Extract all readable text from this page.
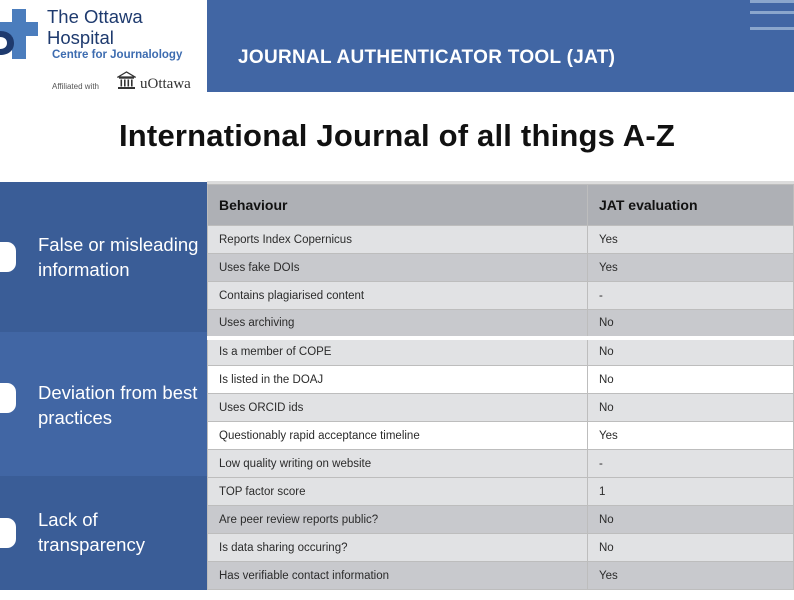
The Ottawa
Hospital
Centre for Journalology
Affiliated with	uOttawa
JOURNAL AUTHENTICATOR TOOL (JAT)
International Journal of all things A-Z
False or misleading information
Deviation from best practices
Lack of transparency
Behaviour	JAT evaluation
Reports Index Copernicus	Yes
Uses fake DOIs	Yes
Contains plagiarised content	-
Uses archiving	No
Is a member of COPE	No
Is listed in the DOAJ	No
Uses ORCID ids	No
Questionably rapid acceptance timeline	Yes
Low quality writing on website	-
TOP factor score	1
Are peer review reports public?	No
Is data sharing occuring?	No
Has verifiable contact information	Yes
